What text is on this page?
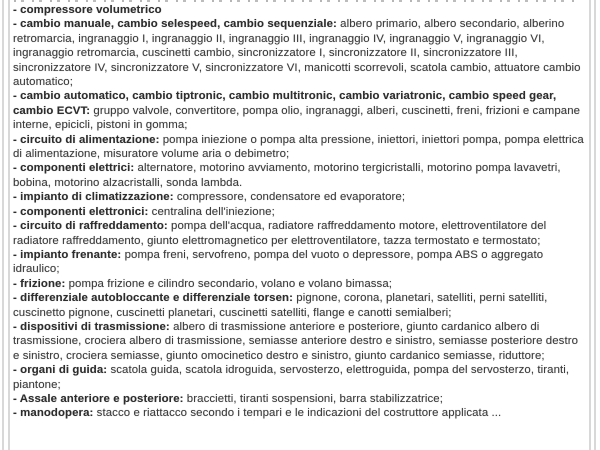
- compressore volumetrico

- cambio manuale, cambio selespeed, cambio sequenziale: albero primario, albero secondario, alberino retromarcia, ingranaggio I, ingranaggio II, ingranaggio III, ingranaggio IV, ingranaggio V, ingranaggio VI, ingranaggio retromarcia, cuscinetti cambio, sincronizzatore I, sincronizzatore II, sincronizzatore III, sincronizzatore IV, sincronizzatore V, sincronizzatore VI, manicotti scorrevoli, scatola cambio, attuatore cambio automatico;

- cambio automatico, cambio tiptronic, cambio multitronic, cambio variatronic, cambio speed gear, cambio ECVT: gruppo valvole, convertitore, pompa olio, ingranaggi, alberi, cuscinetti, freni, frizioni e campane interne, epicicli, pistoni in gomma;

- circuito di alimentazione: pompa iniezione o pompa alta pressione, iniettori, iniettori pompa, pompa elettrica di alimentazione, misuratore volume aria o debimetro;

- componenti elettrici: alternatore, motorino avviamento, motorino tergicristalli, motorino pompa lavavetri, bobina, motorino alzacristalli, sonda lambda.

- impianto di climatizzazione: compressore, condensatore ed evaporatore;

- componenti elettronici: centralina dell'iniezione;

- circuito di raffreddamento: pompa dell'acqua, radiatore raffreddamento motore, elettroventilatore del radiatore raffreddamento, giunto elettromagnetico per elettroventilatore, tazza termostato e termostato;

- impianto frenante: pompa freni, servofreno, pompa del vuoto o depressore, pompa ABS o aggregato idraulico;

- frizione: pompa frizione e cilindro secondario, volano e volano bimassa;

- differenziale autobloccante e differenziale torsen: pignone, corona, planetari, satelliti, perni satelliti, cuscinetto pignone, cuscinetti planetari, cuscinetti satelliti, flange e canotti semialberi;

- dispositivi di trasmissione: albero di trasmissione anteriore e posteriore, giunto cardanico albero di trasmissione, crociera albero di trasmissione, semiasse anteriore destro e sinistro, semiasse posteriore destro e sinistro, crociera semiasse, giunto omocinetico destro e sinistro, giunto cardanico semiasse, riduttore;

- organi di guida: scatola guida, scatola idroguida, servosterzo, elettroguida, pompa del servosterzo, tiranti, piantone;

- Assale anteriore e posteriore: braccietti, tiranti sospensioni, barra stabilizzatrice;

- manodopera: stacco e riattacco secondo i tempari e le indicazioni del costruttore applicata ...
